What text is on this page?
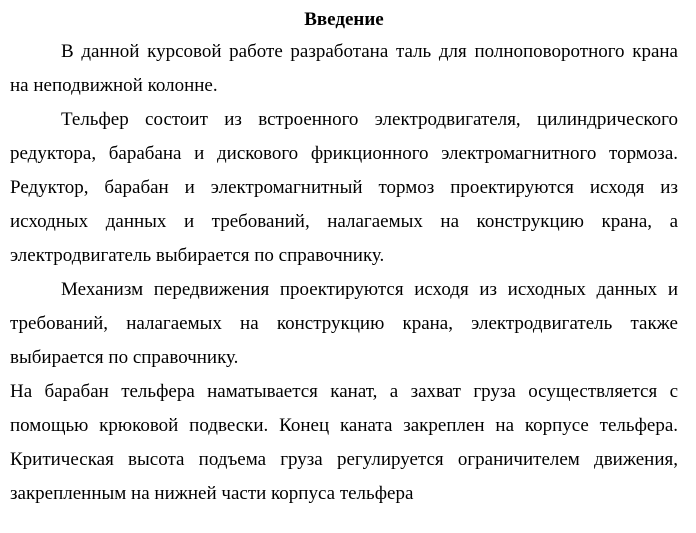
Введение

В данной курсовой работе разработана таль для полноповоротного крана на неподвижной колонне.

Тельфер состоит из встроенного электродвигателя, цилиндрического редуктора, барабана и дискового фрикционного электромагнитного тормоза. Редуктор, барабан и электромагнитный тормоз проектируются исходя из исходных данных и требований, налагаемых на конструкцию крана, а электродвигатель выбирается по справочнику.

Механизм передвижения проектируются исходя из исходных данных и требований, налагаемых на конструкцию крана, электродвигатель также выбирается по справочнику.

На барабан тельфера наматывается канат, а захват груза осуществляется с помощью крюковой подвески. Конец каната закреплен на корпусе тельфера. Критическая высота подъема груза регулируется ограничителем движения, закрепленным на нижней части корпуса тельфера
